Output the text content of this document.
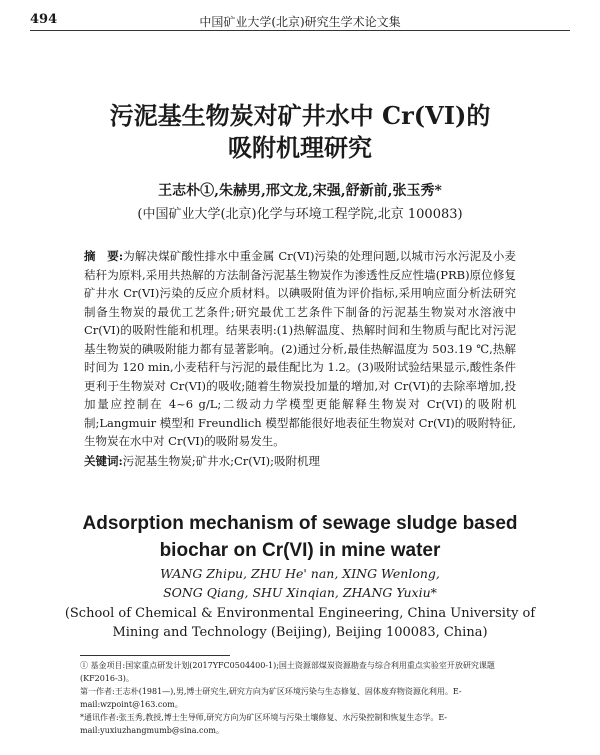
494	中国矿业大学(北京)研究生学术论文集
污泥基生物炭对矿井水中 Cr(VI)的
吸附机理研究
王志朴①,朱赫男,邢文龙,宋强,舒新前,张玉秀*
(中国矿业大学(北京)化学与环境工程学院,北京 100083)
摘　要:为解决煤矿酸性排水中重金属 Cr(VI)污染的处理问题,以城市污水污泥及小麦秸秆为原料,采用共热解的方法制备污泥基生物炭作为渗透性反应性墙(PRB)原位修复矿井水 Cr(VI)污染的反应介质材料。以碘吸附值为评价指标,采用响应面分析法研究制备生物炭的最优工艺条件;研究最优工艺条件下制备的污泥基生物炭对水溶液中 Cr(VI)的吸附性能和机理。结果表明:(1)热解温度、热解时间和生物质与配比对污泥基生物炭的碘吸附能力都有显著影响。(2)通过分析,最佳热解温度为 503.19 ℃,热解时间为 120 min,小麦秸秆与污泥的最佳配比为 1.2。(3)吸附试验结果显示,酸性条件更利于生物炭对 Cr(VI)的吸收;随着生物炭投加量的增加,对 Cr(VI)的去除率增加,投加量应控制在 4~6 g/L;二级动力学模型更能解释生物炭对 Cr(VI)的吸附机制;Langmuir 模型和 Freundlich 模型都能很好地表征生物炭对 Cr(VI)的吸附特征,生物炭在水中对 Cr(VI)的吸附易发生。
关键词:污泥基生物炭;矿井水;Cr(VI);吸附机理
Adsorption mechanism of sewage sludge based
biochar on Cr(VI) in mine water
WANG Zhipu, ZHU He' nan, XING Wenlong,
SONG Qiang, SHU Xinqian, ZHANG Yuxiu*
(School of Chemical & Environmental Engineering, China University of
Mining and Technology (Beijing), Beijing 100083, China)

① 基金项目:国家重点研发计划(2017YFC0504400-1);国土资源部煤炭资源勘查与综合利用重点实验室开放研究课题(KF2016-3)。

第一作者:王志朴(1981—),男,博士研究生,研究方向为矿区环境污染与生态修复、固体废弃物资源化利用。E-mail:wzpoint@163.com。

*通讯作者:张玉秀,教授,博士生导师,研究方向为矿区环境与污染土壤修复、水污染控制和恢复生态学。E-mail:yuxiuzhangmumb@sina.com。
